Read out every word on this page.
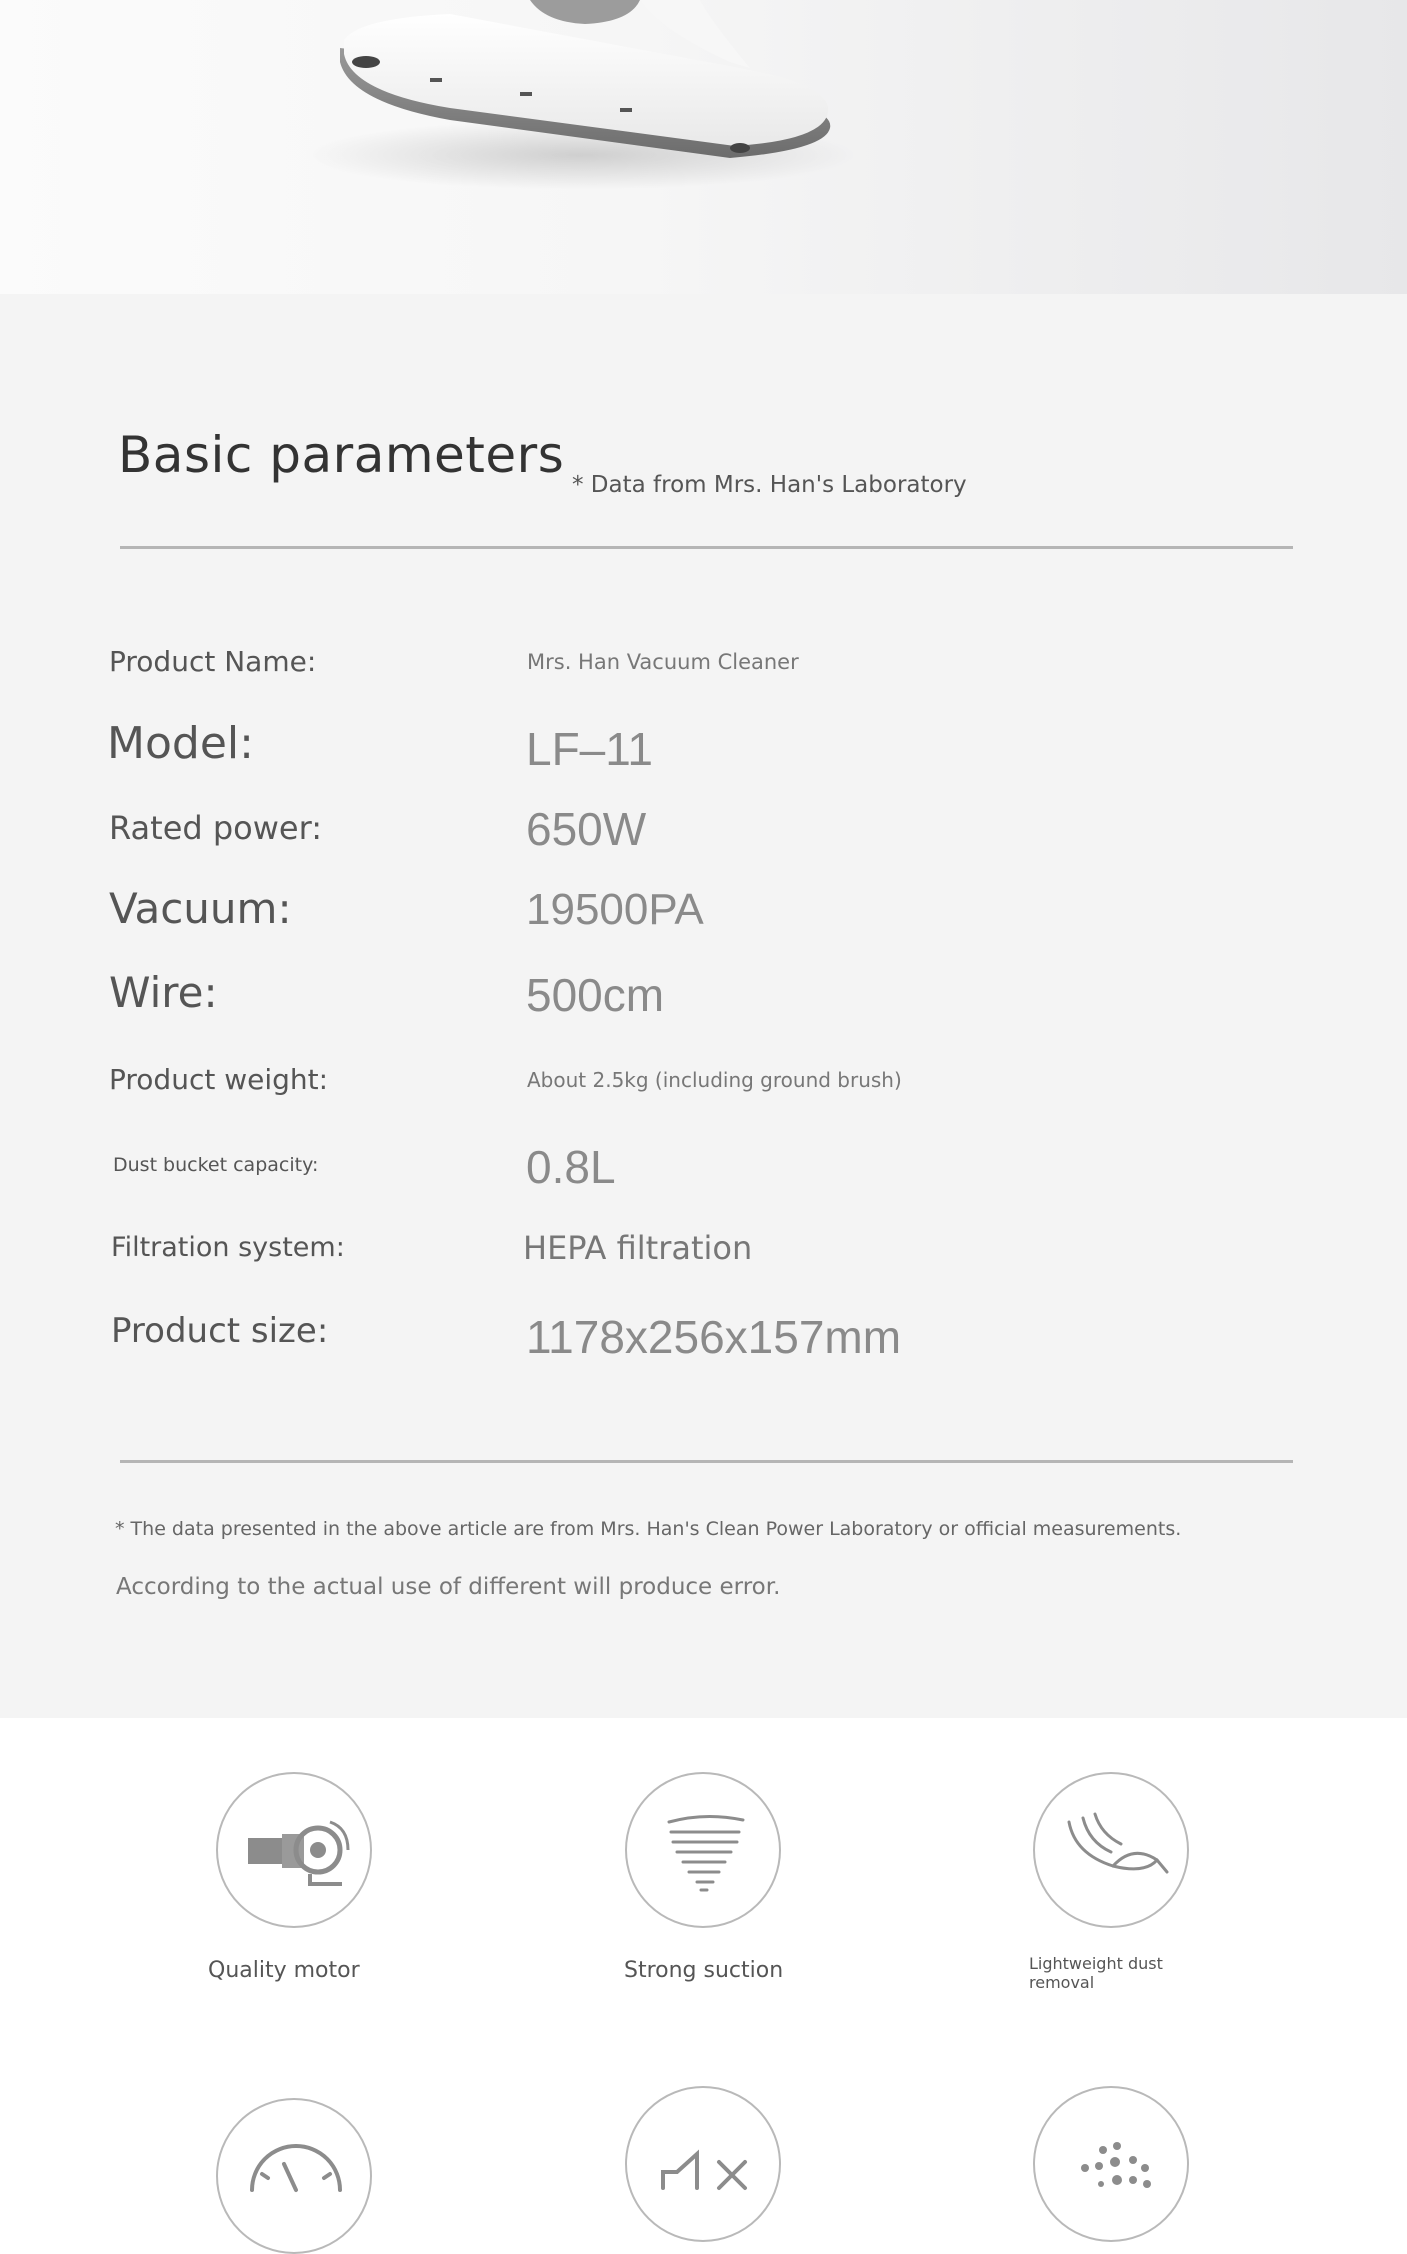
Basic parameters
* Data from Mrs. Han's Laboratory
Product Name:	Mrs. Han Vacuum Cleaner
Model:	LF–11
Rated power:	650W
Vacuum:	19500PA
Wire:	500cm
Product weight:	About 2.5kg (including ground brush)
Dust bucket capacity:	0.8L
Filtration system:	HEPA filtration
Product size:	1178x256x157mm

* The data presented in the above article are from Mrs. Han's Clean Power Laboratory or official measurements.

According to the actual use of different will produce error.

Quality motor	Strong suction	Lightweight dust removal
